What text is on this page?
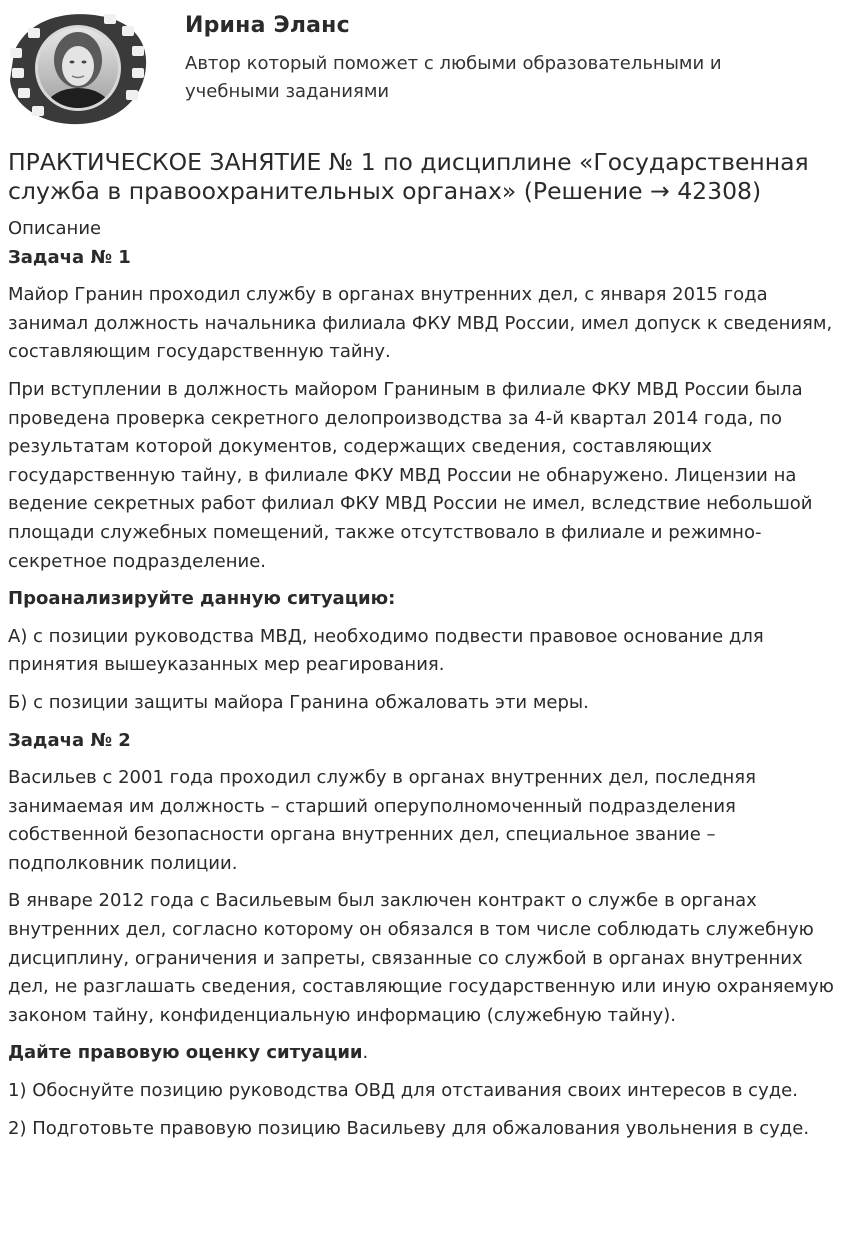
Ирина Эланс
Автор который поможет с любыми образовательными и учебными заданиями
ПРАКТИЧЕСКОЕ ЗАНЯТИЕ № 1 по дисциплине «Государственная служба в правоохранительных органах» (Решение → 42308)

Описание

Задача № 1

Майор Гранин проходил службу в органах внутренних дел, с января 2015 года занимал должность начальника филиала ФКУ МВД России, имел допуск к сведениям, составляющим государственную тайну.

При вступлении в должность майором Граниным в филиале ФКУ МВД России была проведена проверка секретного делопроизводства за 4-й квартал 2014 года, по результатам которой документов, содержащих сведения, составляющих государственную тайну, в филиале ФКУ МВД России не обнаружено. Лицензии на ведение секретных работ филиал ФКУ МВД России не имел, вследствие небольшой площади служебных помещений, также отсутствовало в филиале и режимно-секретное подразделение.

Проанализируйте данную ситуацию:

А) с позиции руководства МВД, необходимо подвести правовое основание для принятия вышеуказанных мер реагирования.

Б) с позиции защиты майора Гранина обжаловать эти меры.

Задача № 2

Васильев с 2001 года проходил службу в органах внутренних дел, последняя занимаемая им должность – старший оперуполномоченный подразделения собственной безопасности органа внутренних дел, специальное звание – подполковник полиции.

В январе 2012 года с Васильевым был заключен контракт о службе в органах внутренних дел, согласно которому он обязался в том числе соблюдать служебную дисциплину, ограничения и запреты, связанные со службой в органах внутренних дел, не разглашать сведения, составляющие государственную или иную охраняемую законом тайну, конфиденциальную информацию (служебную тайну).

Дайте правовую оценку ситуации.

1) Обоснуйте позицию руководства ОВД для отстаивания своих интересов в суде.

2) Подготовьте правовую позицию Васильеву для обжалования увольнения в суде.
